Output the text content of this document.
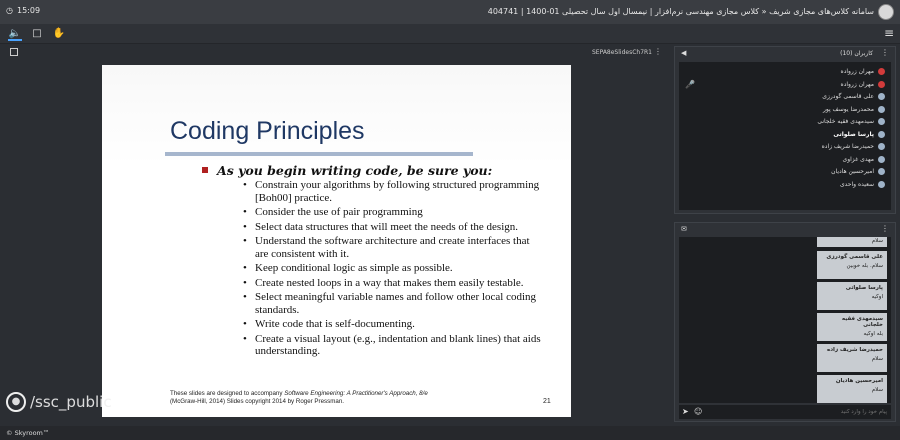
◷ 15:09	سامانه کلاس‌های مجازی شریف « کلاس مجازی مهندسی نرم‌افزار | نیمسال اول سال تحصیلی 01-1400 | 404741
🔈 □ ✋	≡
SEPA8eSlidesCh7R1 ⋮
Coding Principles
As you begin writing code, be sure you:
• Constrain your algorithms by following structured programming [Boh00] practice.
• Consider the use of pair programming
• Select data structures that will meet the needs of the design.
• Understand the software architecture and create interfaces that are consistent with it.
• Keep conditional logic as simple as possible.
• Create nested loops in a way that makes them easily testable.
• Select meaningful variable names and follow other local coding standards.
• Write code that is self-documenting.
• Create a visual layout (e.g., indentation and blank lines) that aids understanding.
These slides are designed to accompany Software Engineering: A Practitioner's Approach, 8/e
(McGraw-Hill, 2014) Slides copyright 2014 by Roger Pressman.	21
● /ssc_public
◀	کاربران (10) ⋮
🎤
مهران زرواده
مهران زرواده
علی قاسمی گودرزی
محمدرضا یوسف پور
سیدمهدی فقیه خلجانی
پارسا صلواتی
حمیدرضا شریف زاده
مهدی غزاوی
امیرحسین هادیان
سعیده واحدی
✉	⋮
سلام
علی قاسمی گودرزی
سلام. بله خوبین
پارسا صلواتی
اوکیه
سیدمهدی فقیه خلجانی
بله اوکیه
حمیدرضا شریف زاده
سلام
امیرحسین هادیان
سلام
➤ ☺
پیام خود را وارد کنید
© Skyroom™
